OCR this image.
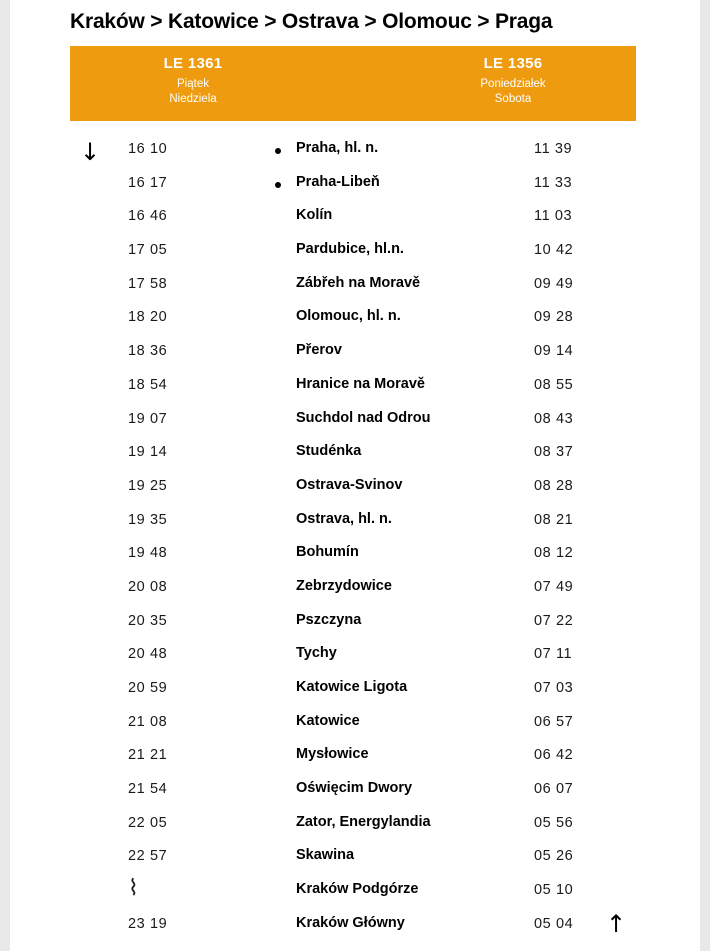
Kraków > Katowice > Ostrava > Olomouc > Praga
LE 1361
Piątek
Niedziela
LE 1356
Poniedziałek
Sobota
↓ 16 10	Praha, hl. n.	11 39
16 17	Praha-Libeň	11 33
16 46	Kolín	11 03
17 05	Pardubice, hl.n.	10 42
17 58	Zábřeh na Moravě	09 49
18 20	Olomouc, hl. n.	09 28
18 36	Přerov	09 14
18 54	Hranice na Moravě	08 55
19 07	Suchdol nad Odrou	08 43
19 14	Studénka	08 37
19 25	Ostrava-Svinov	08 28
19 35	Ostrava, hl. n.	08 21
19 48	Bohumín	08 12
20 08	Zebrzydowice	07 49
20 35	Pszczyna	07 22
20 48	Tychy	07 11
20 59	Katowice Ligota	07 03
21 08	Katowice	06 57
21 21	Mysłowice	06 42
21 54	Oświęcim Dwory	06 07
22 05	Zator, Energylandia	05 56
22 57	Skawina	05 26
⌇	Kraków Podgórze	05 10
↑
23 19	Kraków Główny	05 04
